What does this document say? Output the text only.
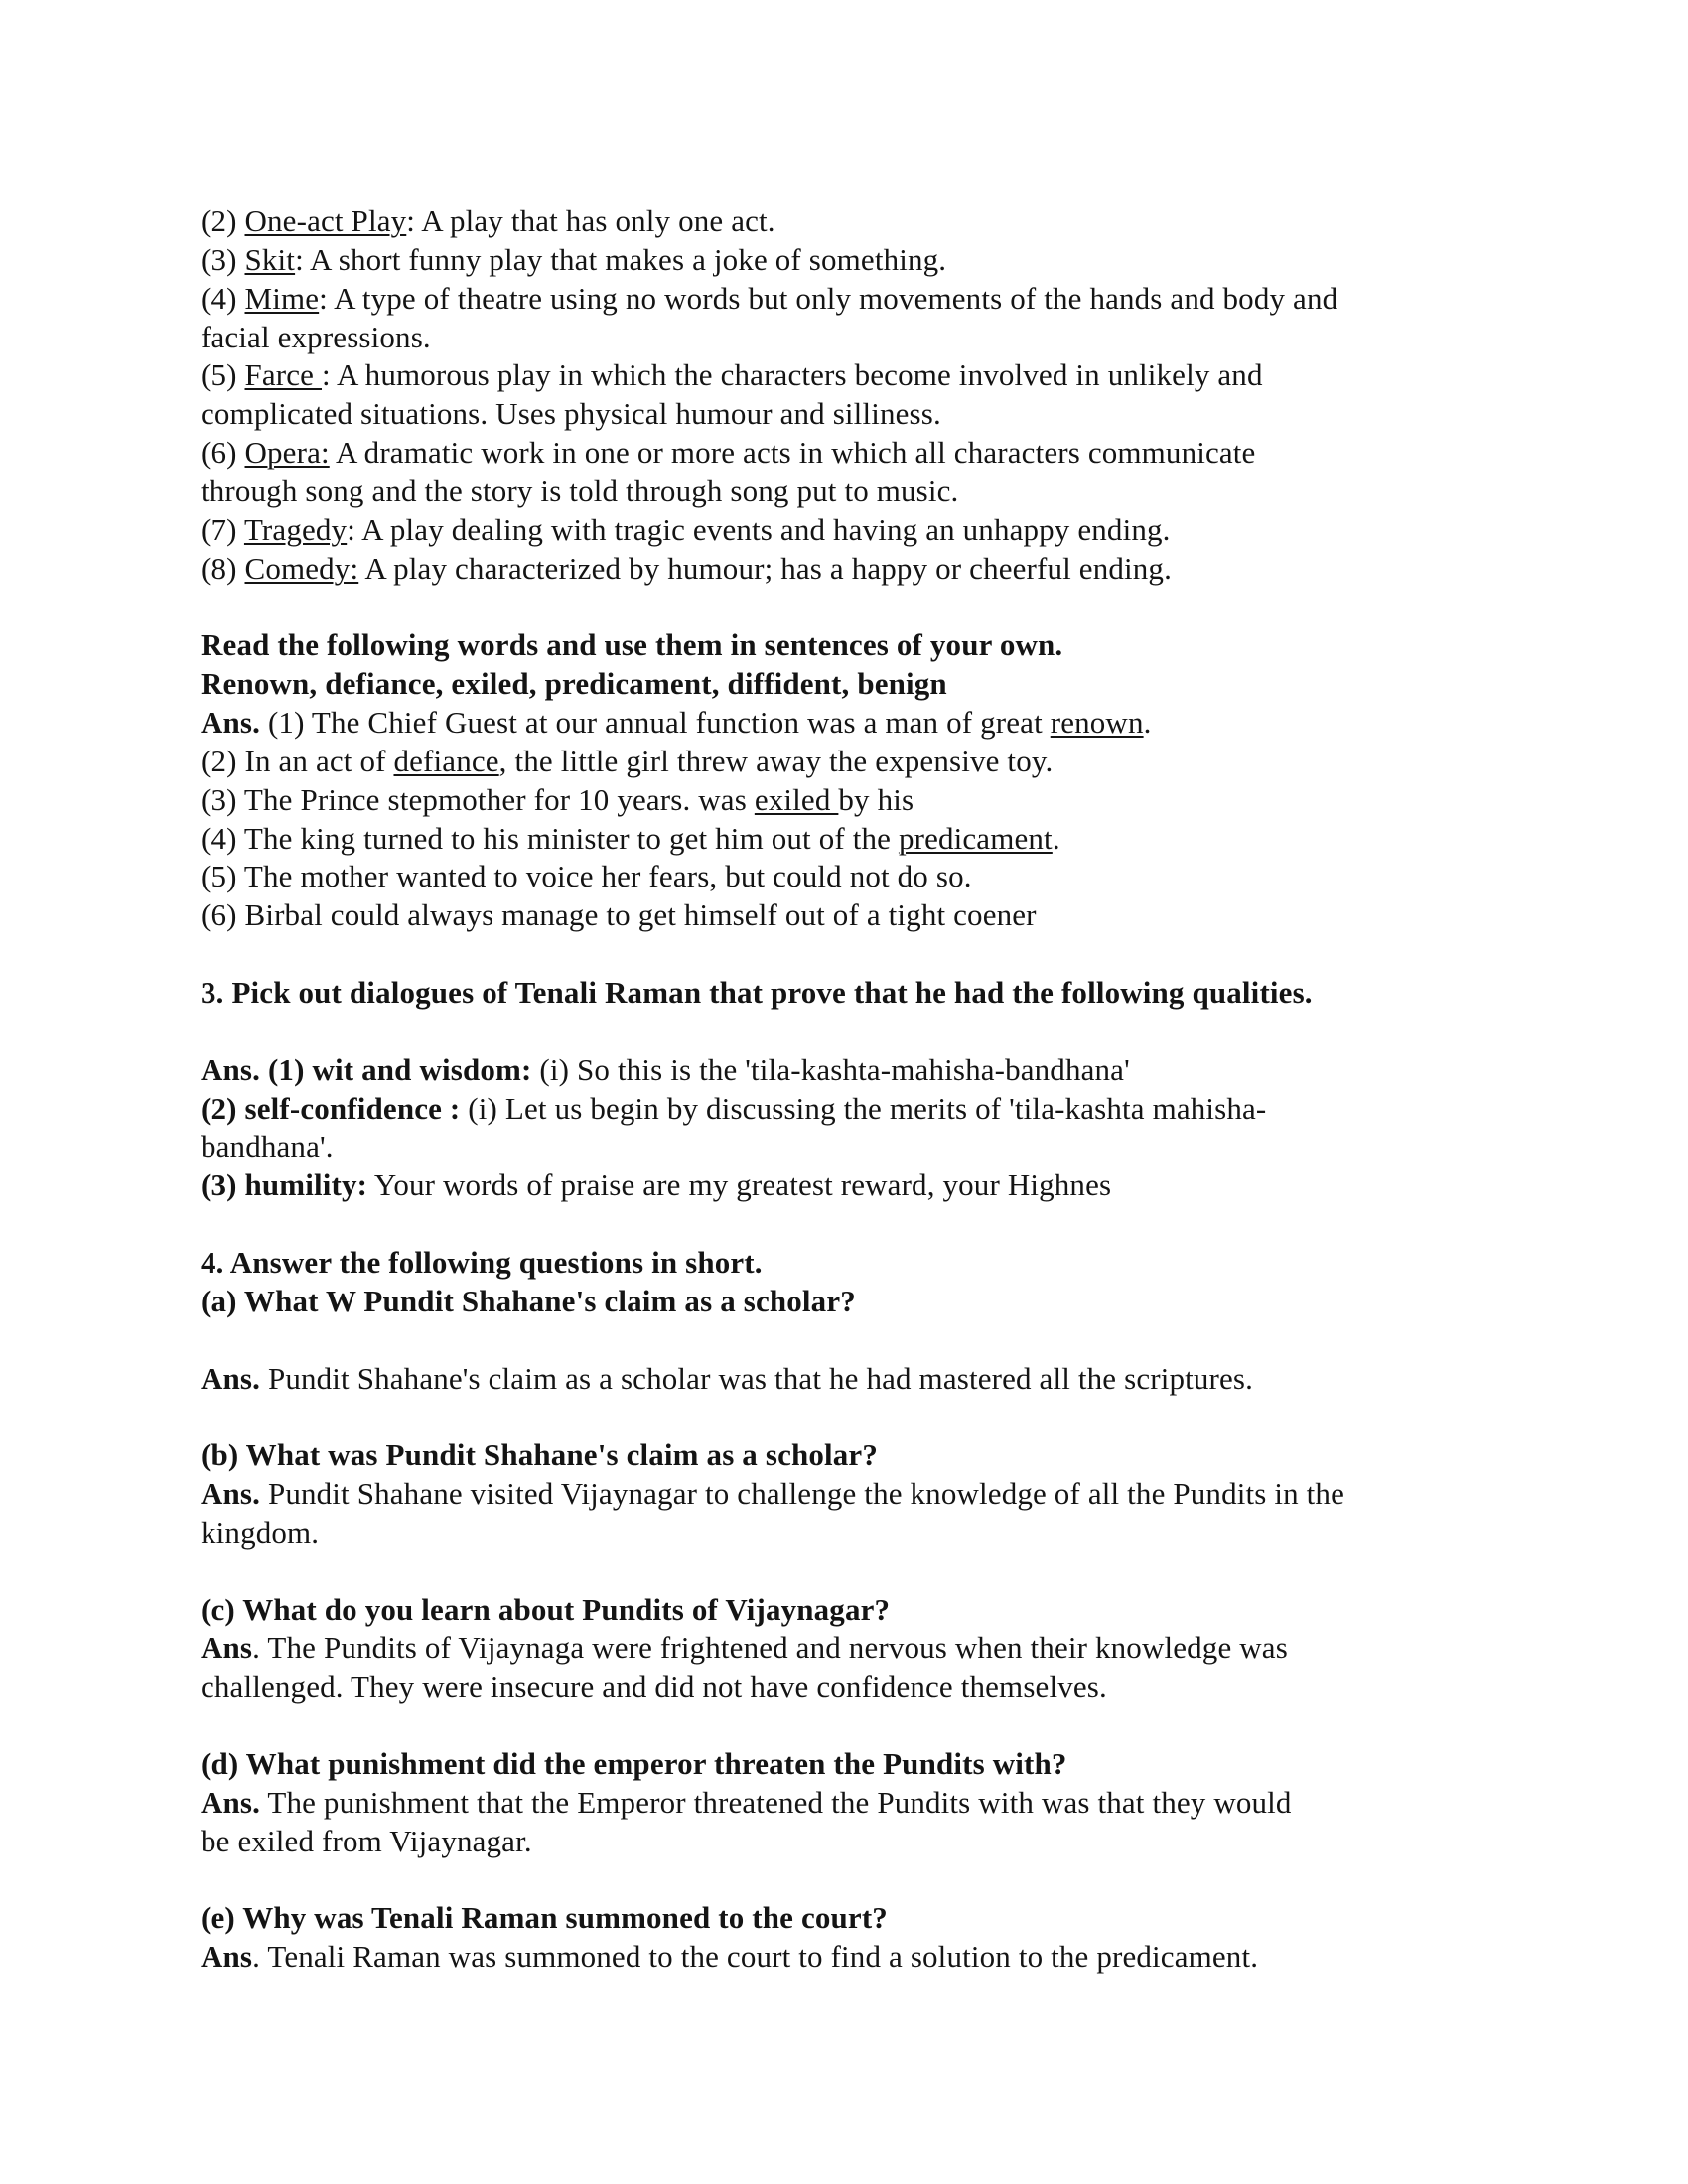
(2) One-act Play: A play that has only one act.
(3) Skit: A short funny play that makes a joke of something.
(4) Mime: A type of theatre using no words but only movements of the hands and body and
facial expressions.
(5) Farce : A humorous play in which the characters become involved in unlikely and
complicated situations. Uses physical humour and silliness.
(6) Opera: A dramatic work in one or more acts in which all characters communicate
through song and the story is told through song put to music.
(7) Tragedy: A play dealing with tragic events and having an unhappy ending.
(8) Comedy: A play characterized by humour; has a happy or cheerful ending.
Read the following words and use them in sentences of your own.
Renown, defiance, exiled, predicament, diffident, benign
Ans. (1) The Chief Guest at our annual function was a man of great renown.
(2) In an act of defiance, the little girl threw away the expensive toy.
(3) The Prince stepmother for 10 years. was exiled by his
(4) The king turned to his minister to get him out of the predicament.
(5) The mother wanted to voice her fears, but could not do so.
(6) Birbal could always manage to get himself out of a tight coener
3. Pick out dialogues of Tenali Raman that prove that he had the following qualities.
Ans. (1) wit and wisdom: (i) So this is the 'tila-kashta-mahisha-bandhana'
(2) self-confidence : (i) Let us begin by discussing the merits of 'tila-kashta mahisha-
bandhana'.
(3) humility: Your words of praise are my greatest reward, your Highnes
4. Answer the following questions in short.
(a) What W Pundit Shahane's claim as a scholar?
Ans. Pundit Shahane's claim as a scholar was that he had mastered all the scriptures.
(b) What was Pundit Shahane's claim as a scholar?
Ans. Pundit Shahane visited Vijaynagar to challenge the knowledge of all the Pundits in the
kingdom.
(c) What do you learn about Pundits of Vijaynagar?
Ans. The Pundits of Vijaynaga were frightened and nervous when their knowledge was
challenged. They were insecure and did not have confidence themselves.
(d) What punishment did the emperor threaten the Pundits with?
Ans. The punishment that the Emperor threatened the Pundits with was that they would
be exiled from Vijaynagar.
(e) Why was Tenali Raman summoned to the court?
Ans. Tenali Raman was summoned to the court to find a solution to the predicament.
